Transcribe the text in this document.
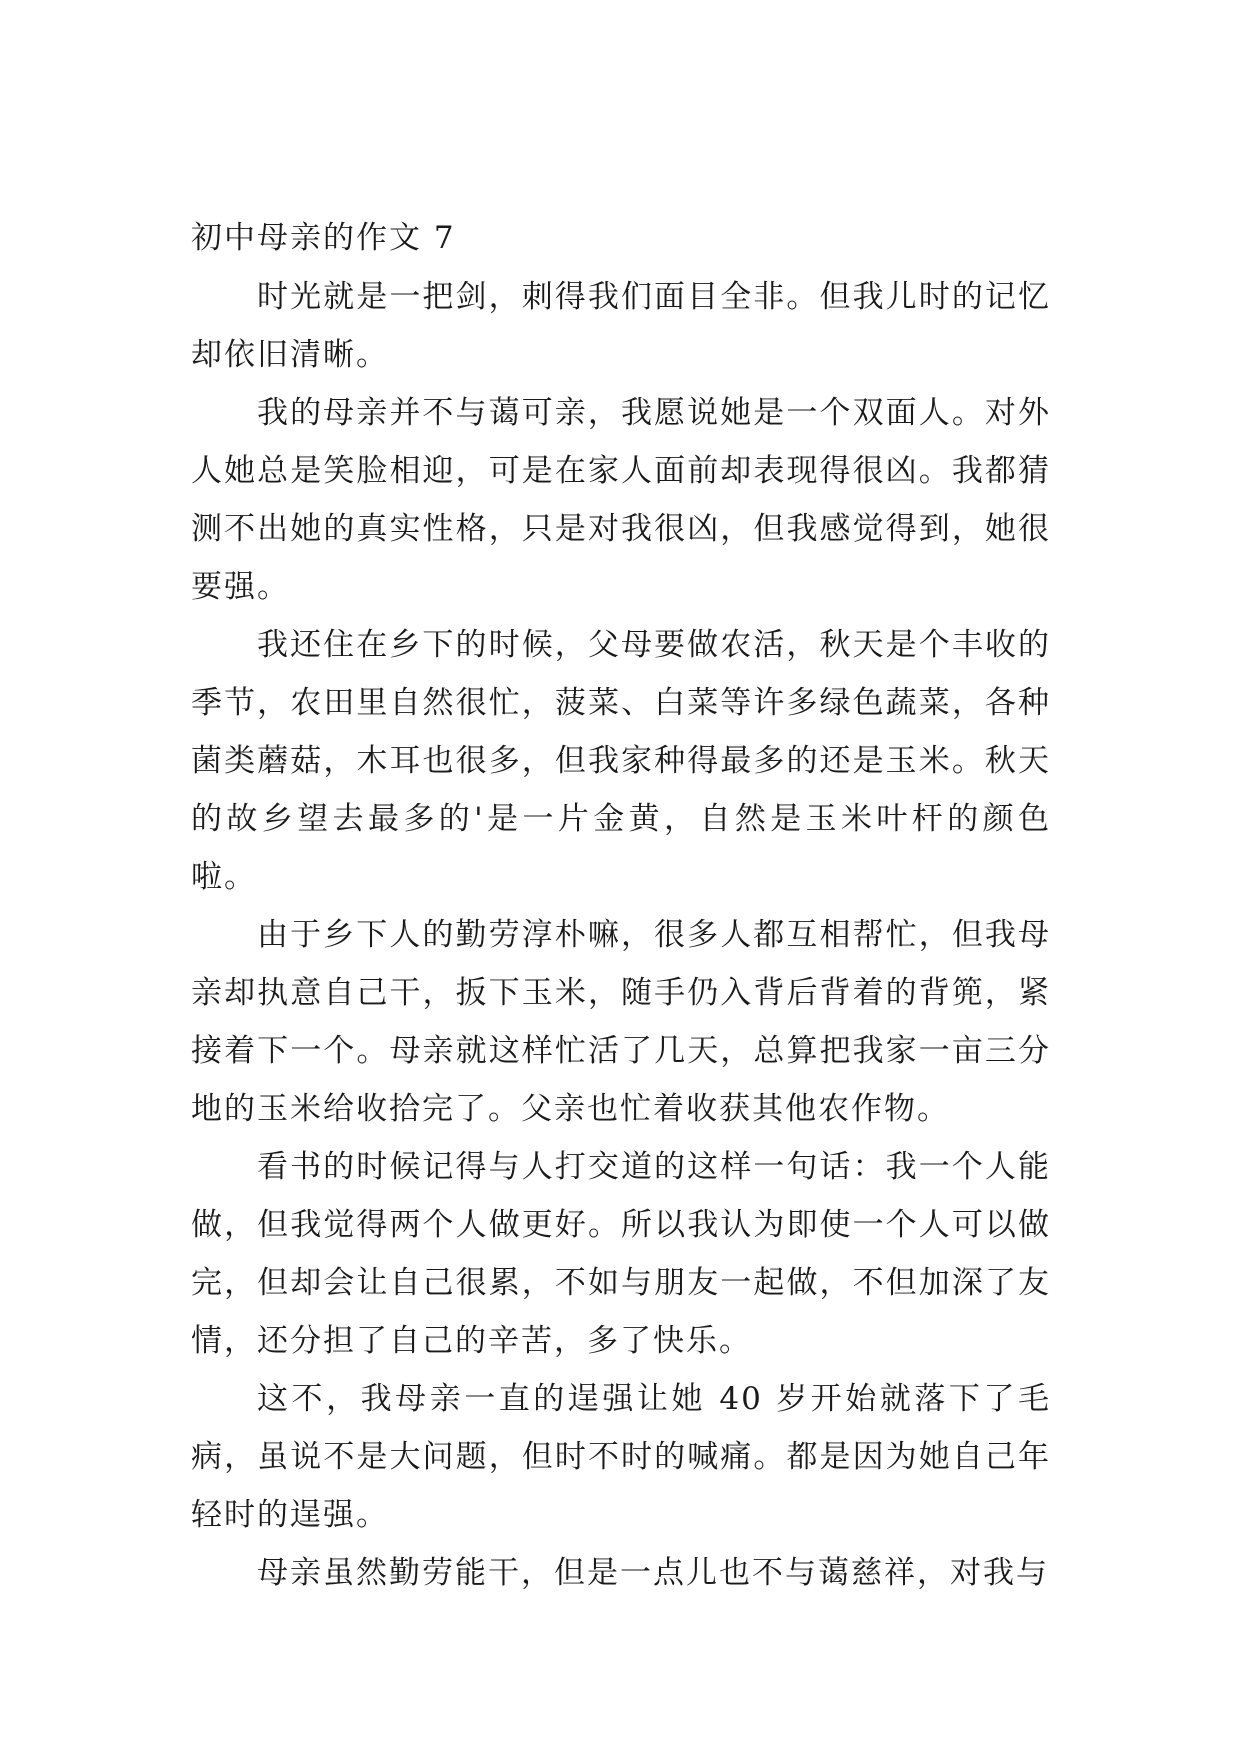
初中母亲的作文 7

时光就是一把剑，刺得我们面目全非。但我儿时的记忆却依旧清晰。

我的母亲并不与蔼可亲，我愿说她是一个双面人。对外人她总是笑脸相迎，可是在家人面前却表现得很凶。我都猜测不出她的真实性格，只是对我很凶，但我感觉得到，她很要强。

我还住在乡下的时候，父母要做农活，秋天是个丰收的季节，农田里自然很忙，菠菜、白菜等许多绿色蔬菜，各种菌类蘑菇，木耳也很多，但我家种得最多的还是玉米。秋天的故乡望去最多的'是一片金黄，自然是玉米叶杆的颜色啦。

由于乡下人的勤劳淳朴嘛，很多人都互相帮忙，但我母亲却执意自己干，扳下玉米，随手仍入背后背着的背篼，紧接着下一个。母亲就这样忙活了几天，总算把我家一亩三分地的玉米给收拾完了。父亲也忙着收获其他农作物。

看书的时候记得与人打交道的这样一句话：我一个人能做，但我觉得两个人做更好。所以我认为即使一个人可以做完，但却会让自己很累，不如与朋友一起做，不但加深了友情，还分担了自己的辛苦，多了快乐。

这不，我母亲一直的逞强让她 40 岁开始就落下了毛病，虽说不是大问题，但时不时的喊痛。都是因为她自己年轻时的逞强。

母亲虽然勤劳能干，但是一点儿也不与蔼慈祥，对我与
